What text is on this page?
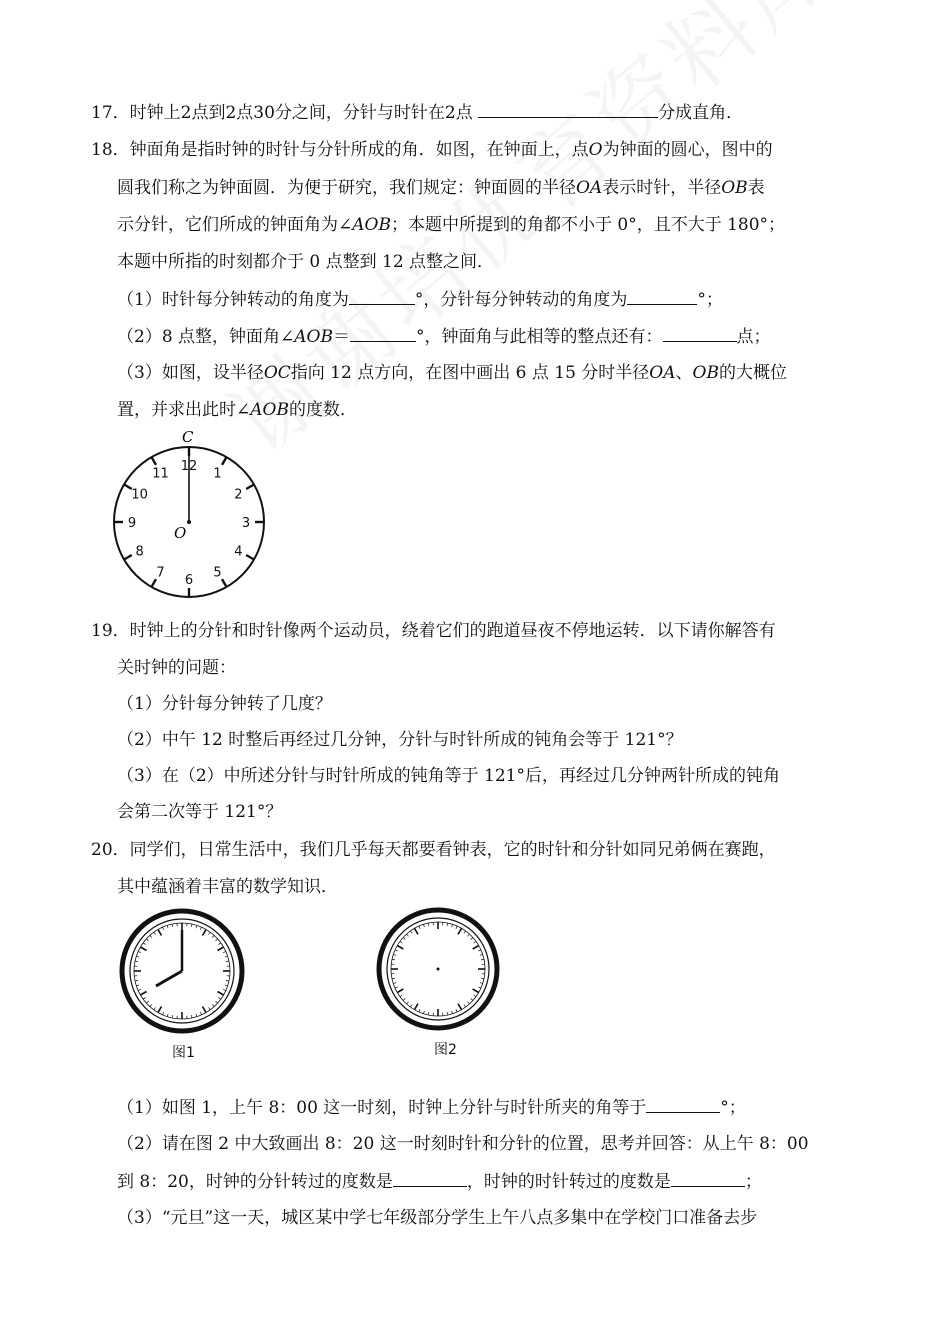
17．时钟上2点到2点30分之间，分针与时针在2点	分成直角．
18．钟面角是指时钟的时针与分针所成的角．如图，在钟面上，点O为钟面的圆心，图中的
圆我们称之为钟面圆．为便于研究，我们规定：钟面圆的半径OA表示时针，半径OB表
示分针，它们所成的钟面角为∠AOB；本题中所提到的角都不小于 0°，且不大于 180°；
本题中所指的时刻都介于 0 点整到 12 点整之间．
（1）时针每分钟转动的角度为	°，分针每分钟转动的角度为	°；
（2）8 点整，钟面角∠AOB＝	°，钟面角与此相等的整点还有：	点；
（3）如图，设半径OC指向 12 点方向，在图中画出 6 点 15 分时半径OA、OB的大概位
置，并求出此时∠AOB的度数．
12
1
2
3
4
5
6
7
8
9
10
11
C
O
19．时钟上的分针和时针像两个运动员，绕着它们的跑道昼夜不停地运转．以下请你解答有
关时钟的问题：
（1）分针每分钟转了几度？
（2）中午 12 时整后再经过几分钟，分针与时针所成的钝角会等于 121°？
（3）在（2）中所述分针与时针所成的钝角等于 121°后，再经过几分钟两针所成的钝角
会第二次等于 121°？
20．同学们，日常生活中，我们几乎每天都要看钟表，它的时针和分针如同兄弟俩在赛跑，
其中蕴涵着丰富的数学知识．
图1	图2
（1）如图 1，上午 8：00 这一时刻，时钟上分针与时针所夹的角等于	°；
（2）请在图 2 中大致画出 8：20 这一时刻时针和分针的位置，思考并回答：从上午 8：00
到 8：20，时钟的分针转过的度数是	，时钟的时针转过的度数是	；
（3）“元旦”这一天，城区某中学七年级部分学生上午八点多集中在学校门口准备去步
